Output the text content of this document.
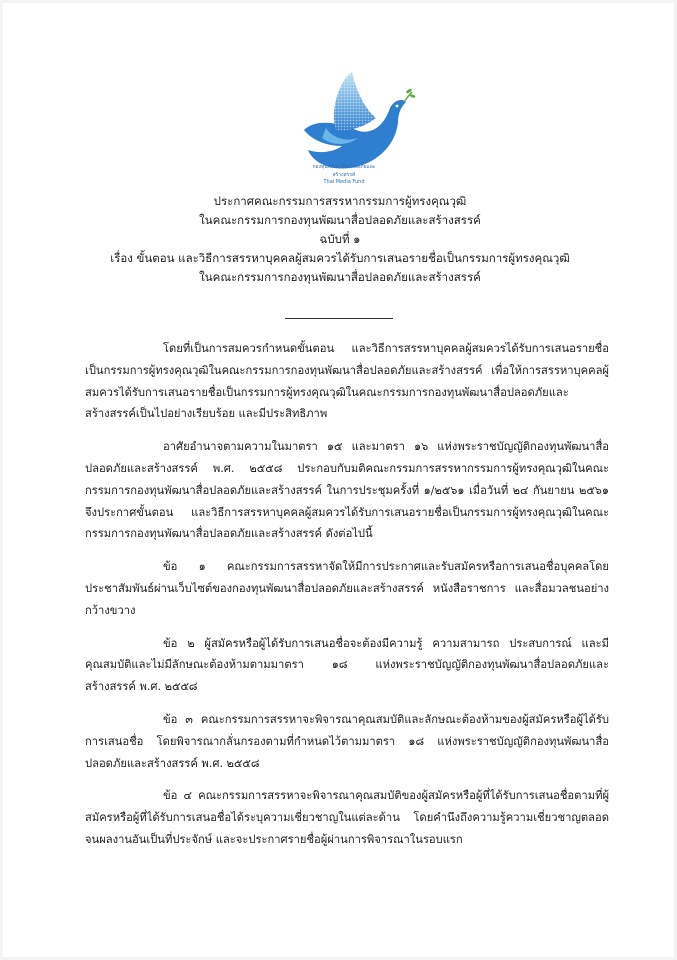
กองทุนพัฒนาสื่อปลอดภัยและสร้างสรรค์
Thai Media Fund
ประกาศคณะกรรมการสรรหากรรมการผู้ทรงคุณวุฒิ
ในคณะกรรมการกองทุนพัฒนาสื่อปลอดภัยและสร้างสรรค์
ฉบับที่ ๑
เรื่อง ขั้นตอน และวิธีการสรรหาบุคคลผู้สมควรได้รับการเสนอรายชื่อเป็นกรรมการผู้ทรงคุณวุฒิ
ในคณะกรรมการกองทุนพัฒนาสื่อปลอดภัยและสร้างสรรค์

โดยที่เป็นการสมควรกำหนดขั้นตอน และวิธีการสรรหาบุคคลผู้สมควรได้รับการเสนอรายชื่อเป็นกรรมการผู้ทรงคุณวุฒิในคณะกรรมการกองทุนพัฒนาสื่อปลอดภัยและสร้างสรรค์ เพื่อให้การสรรหาบุคคลผู้สมควรได้รับการเสนอรายชื่อเป็นกรรมการผู้ทรงคุณวุฒิในคณะกรรมการกองทุนพัฒนาสื่อปลอดภัยและสร้างสรรค์เป็นไปอย่างเรียบร้อย และมีประสิทธิภาพ

อาศัยอำนาจตามความในมาตรา ๑๕ และมาตรา ๑๖ แห่งพระราชบัญญัติกองทุนพัฒนาสื่อปลอดภัยและสร้างสรรค์ พ.ศ. ๒๕๕๘ ประกอบกับมติคณะกรรมการสรรหากรรมการผู้ทรงคุณวุฒิในคณะกรรมการกองทุนพัฒนาสื่อปลอดภัยและสร้างสรรค์ ในการประชุมครั้งที่ ๑/๒๕๖๑ เมื่อวันที่ ๒๔ กันยายน ๒๕๖๑ จึงประกาศขั้นตอน และวิธีการสรรหาบุคคลผู้สมควรได้รับการเสนอรายชื่อเป็นกรรมการผู้ทรงคุณวุฒิในคณะกรรมการกองทุนพัฒนาสื่อปลอดภัยและสร้างสรรค์ ดังต่อไปนี้

ข้อ ๑ คณะกรรมการสรรหาจัดให้มีการประกาศและรับสมัครหรือการเสนอชื่อบุคคลโดยประชาสัมพันธ์ผ่านเว็บไซต์ของกองทุนพัฒนาสื่อปลอดภัยและสร้างสรรค์ หนังสือราชการ และสื่อมวลชนอย่างกว้างขวาง

ข้อ ๒ ผู้สมัครหรือผู้ได้รับการเสนอชื่อจะต้องมีความรู้ ความสามารถ ประสบการณ์ และมีคุณสมบัติและไม่มีลักษณะต้องห้ามตามมาตรา ๑๘ แห่งพระราชบัญญัติกองทุนพัฒนาสื่อปลอดภัยและสร้างสรรค์ พ.ศ. ๒๕๕๘

ข้อ ๓ คณะกรรมการสรรหาจะพิจารณาคุณสมบัติและลักษณะต้องห้ามของผู้สมัครหรือผู้ได้รับการเสนอชื่อ โดยพิจารณากลั่นกรองตามที่กำหนดไว้ตามมาตรา ๑๘ แห่งพระราชบัญญัติกองทุนพัฒนาสื่อปลอดภัยและสร้างสรรค์ พ.ศ. ๒๕๕๘

ข้อ ๔ คณะกรรมการสรรหาจะพิจารณาคุณสมบัติของผู้สมัครหรือผู้ที่ได้รับการเสนอชื่อตามที่ผู้สมัครหรือผู้ที่ได้รับการเสนอชื่อได้ระบุความเชี่ยวชาญในแต่ละด้าน โดยคำนึงถึงความรู้ความเชี่ยวชาญตลอดจนผลงานอันเป็นที่ประจักษ์ และจะประกาศรายชื่อผู้ผ่านการพิจารณาในรอบแรก
